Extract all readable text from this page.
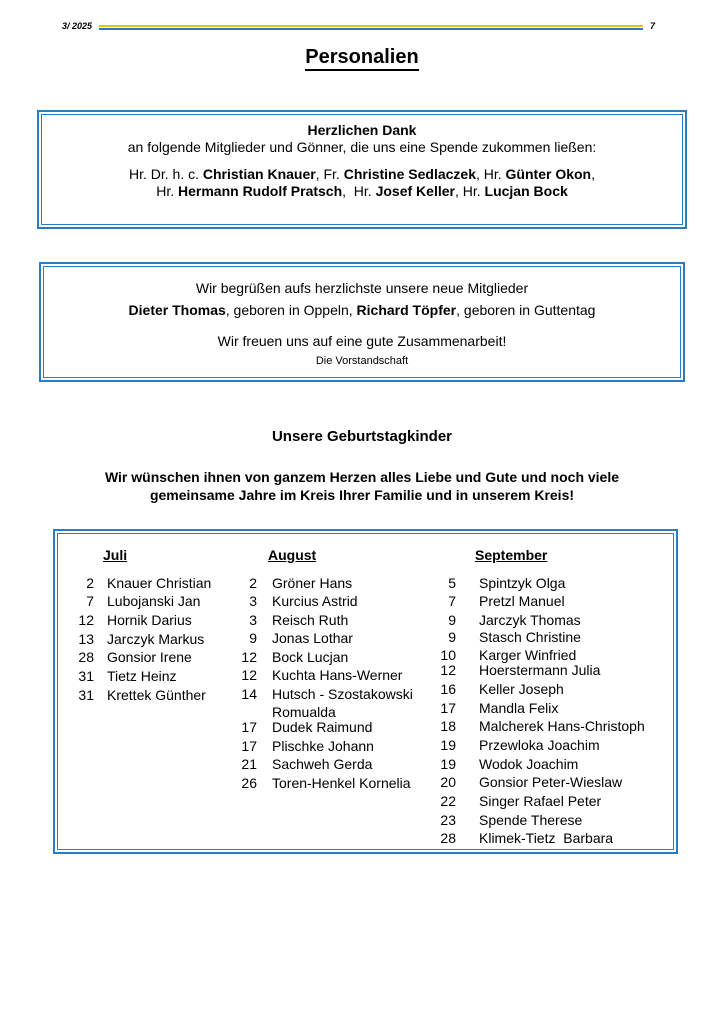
3/ 2025	7
Personalien
Herzlichen Dank
an folgende Mitglieder und Gönner, die uns eine Spende zukommen ließen:
Hr. Dr. h. c. Christian Knauer, Fr. Christine Sedlaczek, Hr. Günter Okon,
Hr. Hermann Rudolf Pratsch,  Hr. Josef Keller, Hr. Lucjan Bock
Wir begrüßen aufs herzlichste unsere neue Mitglieder
Dieter Thomas, geboren in Oppeln, Richard Töpfer, geboren in Guttentag
Wir freuen uns auf eine gute Zusammenarbeit!
Die Vorstandschaft
Unsere Geburtstagkinder
Wir wünschen ihnen von ganzem Herzen alles Liebe und Gute und noch viele
gemeinsame Jahre im Kreis Ihrer Familie und in unserem Kreis!
Juli
2 Knauer Christian
7 Lubojanski Jan
12 Hornik Darius
13 Jarczyk Markus
28 Gonsior Irene
31 Tietz Heinz
31 Krettek Günther
August
2 Gröner Hans
3 Kurcius Astrid
3 Reisch Ruth
9 Jonas Lothar
12 Bock Lucjan
12 Kuchta Hans-Werner
14 Hutsch - Szostakowski
Romualda
17 Dudek Raimund
17 Plischke Johann
21 Sachweh Gerda
26 Toren-Henkel Kornelia
September
5 Spintzyk Olga
7 Pretzl Manuel
9 Jarczyk Thomas
9 Stasch Christine
10 Karger Winfried
12 Hoerstermann Julia
16 Keller Joseph
17 Mandla Felix
18 Malcherek Hans-Christoph
19 Przewloka Joachim
19 Wodok Joachim
20 Gonsior Peter-Wieslaw
22 Singer Rafael Peter
23 Spende Therese
28 Klimek-Tietz  Barbara
